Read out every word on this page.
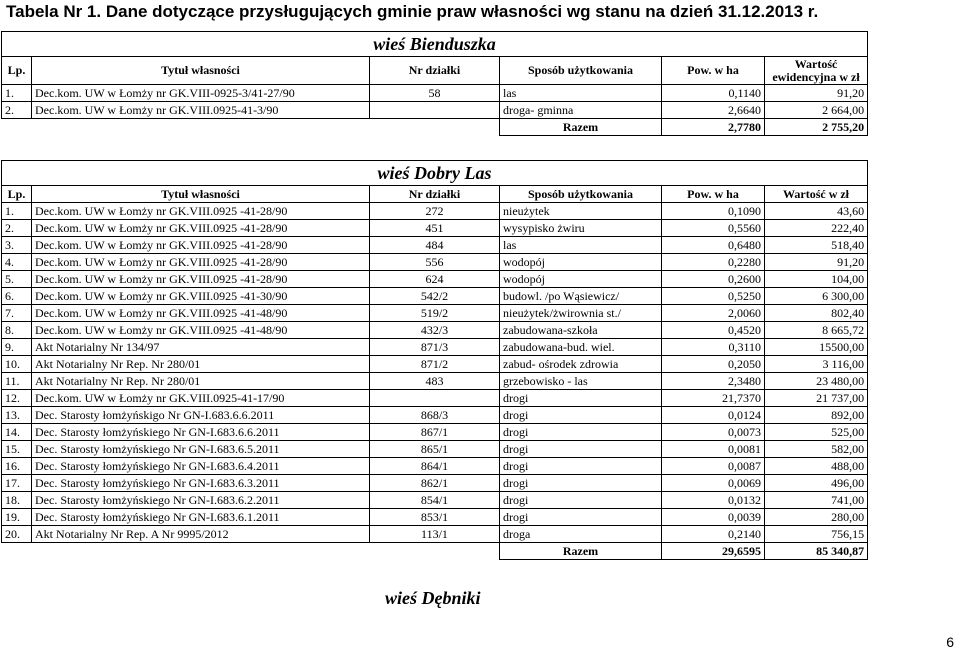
Tabela Nr 1. Dane dotyczące przysługujących gminie praw własności wg stanu na dzień 31.12.2013 r.
wieś Bienduszka					
Lp.	Tytuł własności	Nr działki	Sposób użytkowania	Pow. w ha	Wartość ewidencyjna w zł
1.	Dec.kom. UW w Łomży nr GK.VIII-0925-3/41-27/90	58	las	0,1140	91,20
2.	Dec.kom. UW w Łomży nr GK.VIII.0925-41-3/90		droga- gminna	2,6640	2 664,00
			Razem	2,7780	2 755,20
wieś Dobry Las					
Lp.	Tytuł własności	Nr działki	Sposób użytkowania	Pow. w ha	Wartość w zł
1.	Dec.kom. UW w Łomży nr GK.VIII.0925 -41-28/90	272	nieużytek	0,1090	43,60
2.	Dec.kom. UW w Łomży nr GK.VIII.0925 -41-28/90	451	wysypisko żwiru	0,5560	222,40
3.	Dec.kom. UW w Łomży nr GK.VIII.0925 -41-28/90	484	las	0,6480	518,40
4.	Dec.kom. UW w Łomży nr GK.VIII.0925 -41-28/90	556	wodopój	0,2280	91,20
5.	Dec.kom. UW w Łomży nr GK.VIII.0925 -41-28/90	624	wodopój	0,2600	104,00
6.	Dec.kom. UW w Łomży nr GK.VIII.0925 -41-30/90	542/2	budowl. /po Wąsiewicz/	0,5250	6 300,00
7.	Dec.kom. UW w Łomży nr GK.VIII.0925 -41-48/90	519/2	nieużytek/żwirownia st./	2,0060	802,40
8.	Dec.kom. UW w Łomży nr GK.VIII.0925 -41-48/90	432/3	zabudowana-szkoła	0,4520	8 665,72
9.	Akt Notarialny Nr 134/97	871/3	zabudowana-bud. wiel.	0,3110	15500,00
10.	Akt Notarialny Nr Rep. Nr 280/01	871/2	zabud- ośrodek zdrowia	0,2050	3 116,00
11.	Akt Notarialny Nr Rep. Nr 280/01	483	grzebowisko - las	2,3480	23 480,00
12.	Dec.kom. UW w Łomży nr GK.VIII.0925-41-17/90		drogi	21,7370	21 737,00
13.	Dec. Starosty łomżyńskigo Nr GN-I.683.6.6.2011	868/3	drogi	0,0124	892,00
14.	Dec. Starosty łomżyńskiego Nr GN-I.683.6.6.2011	867/1	drogi	0,0073	525,00
15.	Dec. Starosty łomżyńskiego Nr GN-I.683.6.5.2011	865/1	drogi	0,0081	582,00
16.	Dec. Starosty łomżyńskiego Nr GN-I.683.6.4.2011	864/1	drogi	0,0087	488,00
17.	Dec. Starosty łomżyńskiego Nr GN-I.683.6.3.2011	862/1	drogi	0,0069	496,00
18.	Dec. Starosty łomżyńskiego Nr GN-I.683.6.2.2011	854/1	drogi	0,0132	741,00
19.	Dec. Starosty łomżyńskiego Nr GN-I.683.6.1.2011	853/1	drogi	0,0039	280,00
20.	Akt Notarialny Nr Rep. A Nr 9995/2012	113/1	droga	0,2140	756,15
			Razem	29,6595	85 340,87
wieś Dębniki
6
